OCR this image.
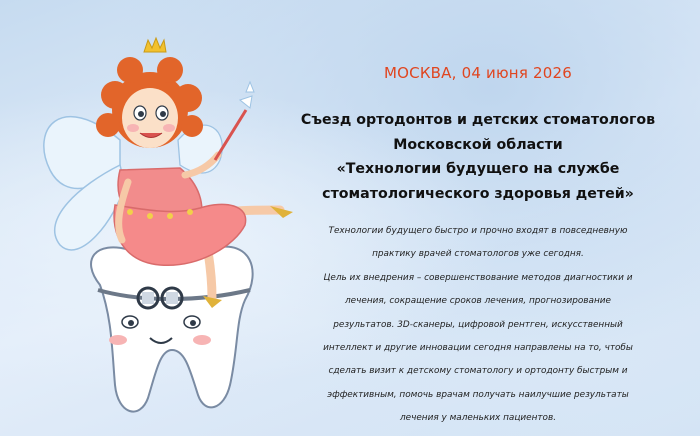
МОСКВА, 04 июня 2026
Съезд ортодонтов и детских стоматологов
Московской области
«Технологии будущего на службе
стоматологического здоровья детей»
Технологии будущего быстро и прочно входят в повседневную
практику врачей стоматологов уже сегодня.
Цель их внедрения – совершенствование методов диагностики и
лечения, сокращение сроков лечения, прогнозирование
результатов. 3D-сканеры, цифровой рентген, искусственный
интеллект и другие инновации сегодня направлены на то, чтобы
сделать визит к детскому стоматологу и ортодонту быстрым и
эффективным, помочь врачам получать наилучшие результаты
лечения у маленьких пациентов.
